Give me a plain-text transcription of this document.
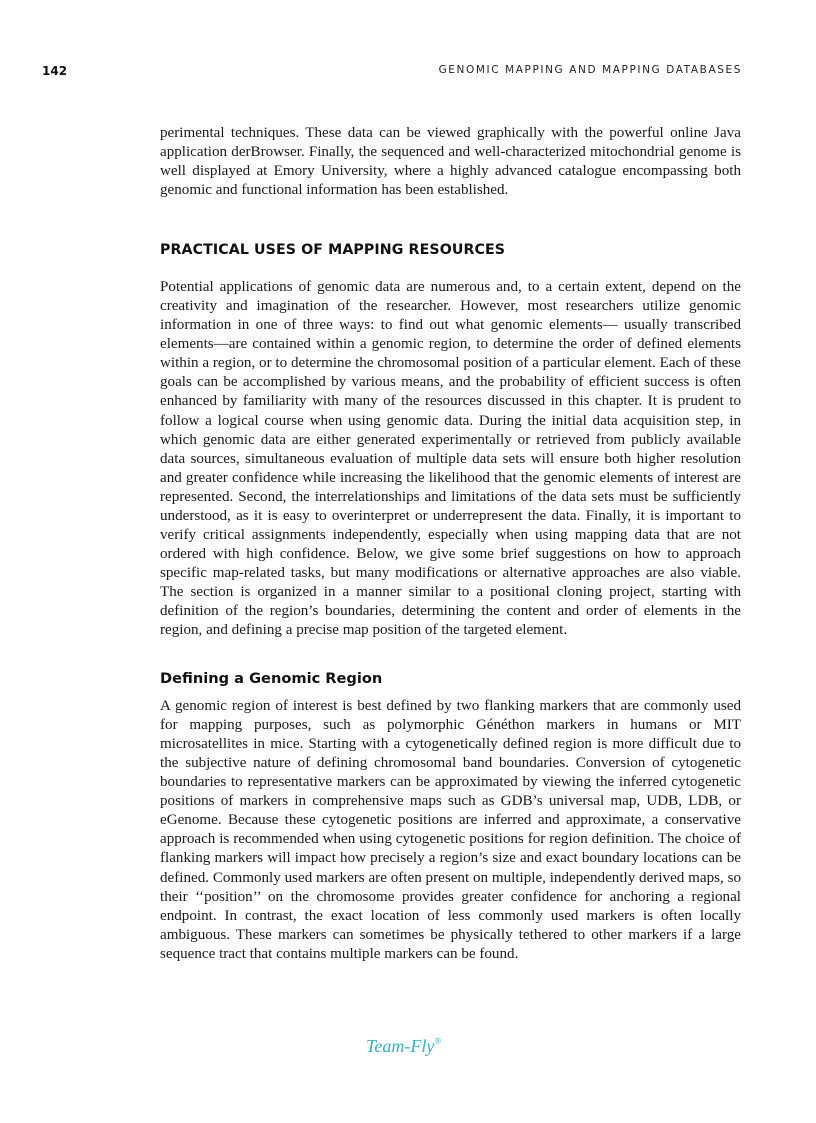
142	GENOMIC MAPPING AND MAPPING DATABASES

perimental techniques. These data can be viewed graphically with the powerful online Java application derBrowser. Finally, the sequenced and well-characterized mitochondrial genome is well displayed at Emory University, where a highly advanced catalogue encompassing both genomic and functional information has been established.

PRACTICAL USES OF MAPPING RESOURCES

Potential applications of genomic data are numerous and, to a certain extent, depend on the creativity and imagination of the researcher. However, most researchers utilize genomic information in one of three ways: to find out what genomic elements— usually transcribed elements—are contained within a genomic region, to determine the order of defined elements within a region, or to determine the chromosomal position of a particular element. Each of these goals can be accomplished by various means, and the probability of efficient success is often enhanced by familiarity with many of the resources discussed in this chapter. It is prudent to follow a logical course when using genomic data. During the initial data acquisition step, in which genomic data are either generated experimentally or retrieved from publicly available data sources, simultaneous evaluation of multiple data sets will ensure both higher resolution and greater confidence while increasing the likelihood that the genomic elements of interest are represented. Second, the interrelationships and limitations of the data sets must be sufficiently understood, as it is easy to overinterpret or underrepresent the data. Finally, it is important to verify critical assignments independently, especially when using mapping data that are not ordered with high confidence. Below, we give some brief suggestions on how to approach specific map-related tasks, but many modifications or alternative approaches are also viable. The section is organized in a manner similar to a positional cloning project, starting with definition of the region’s boundaries, determining the content and order of elements in the region, and defining a precise map position of the targeted element.

Defining a Genomic Region

A genomic region of interest is best defined by two flanking markers that are commonly used for mapping purposes, such as polymorphic Généthon markers in humans or MIT microsatellites in mice. Starting with a cytogenetically defined region is more difficult due to the subjective nature of defining chromosomal band boundaries. Conversion of cytogenetic boundaries to representative markers can be approximated by viewing the inferred cytogenetic positions of markers in comprehensive maps such as GDB’s universal map, UDB, LDB, or eGenome. Because these cytogenetic positions are inferred and approximate, a conservative approach is recommended when using cytogenetic positions for region definition. The choice of flanking markers will impact how precisely a region’s size and exact boundary locations can be defined. Commonly used markers are often present on multiple, independently derived maps, so their ‘‘position’’ on the chromosome provides greater confidence for anchoring a regional endpoint. In contrast, the exact location of less commonly used markers is often locally ambiguous. These markers can sometimes be physically tethered to other markers if a large sequence tract that contains multiple markers can be found.

Team-Fly®
